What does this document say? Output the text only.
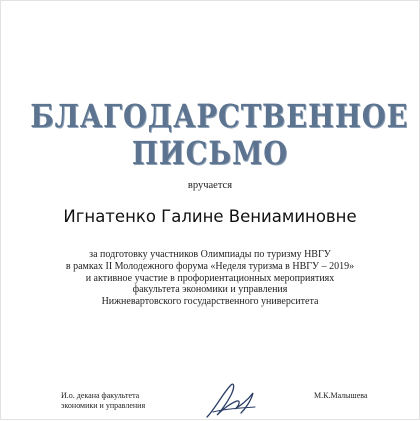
БЛАГОДАРСТВЕННОЕ
ПИСЬМО
вручается
Игнатенко Галине Вениаминовне
за подготовку участников Олимпиады по туризму НВГУ
в рамках II Молодежного форума «Неделя туризма в НВГУ – 2019»
и активное участие в профориентационных мероприятиях
факультета экономики и управления
Нижневартовского государственного университета
И.о. декана факультета
экономики и управления
М.К.Малышева
